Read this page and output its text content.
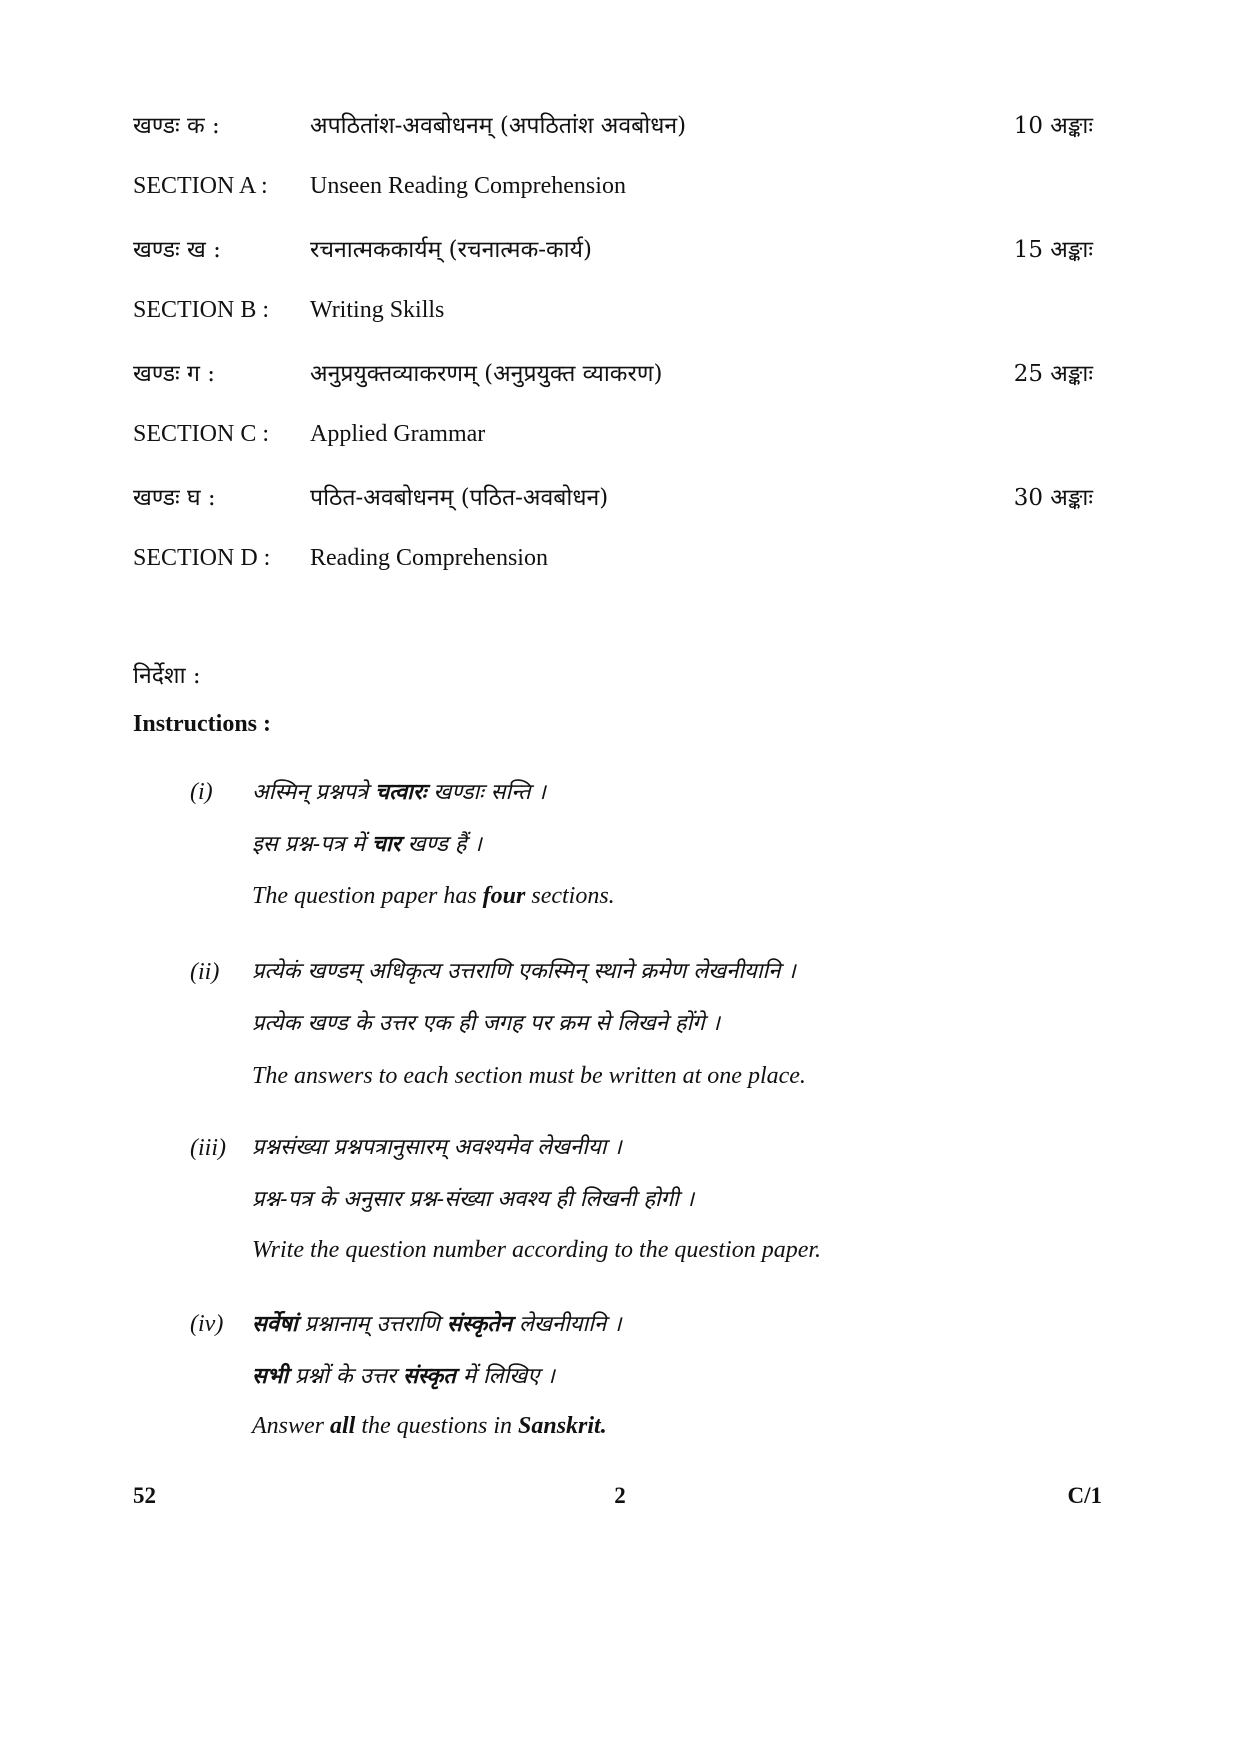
खण्डः क :	अपठितांश-अवबोधनम् (अपठितांश अवबोधन)	10 अङ्काः
SECTION A : Unseen Reading Comprehension
खण्डः ख :	रचनात्मककार्यम् (रचनात्मक-कार्य)	15 अङ्काः
SECTION B : Writing Skills
खण्डः ग :	अनुप्रयुक्तव्याकरणम् (अनुप्रयुक्त व्याकरण)	25 अङ्काः
SECTION C : Applied Grammar
खण्डः घ :	पठित-अवबोधनम् (पठित-अवबोधन)	30 अङ्काः
SECTION D : Reading Comprehension
निर्देशा :
Instructions :
(i) अस्मिन् प्रश्नपत्रे चत्वारः खण्डाः सन्ति ।
इस प्रश्न-पत्र में चार खण्ड हैं ।
The question paper has four sections.
(ii) प्रत्येकं खण्डम् अधिकृत्य उत्तराणि एकस्मिन् स्थाने क्रमेण लेखनीयानि ।
प्रत्येक खण्ड के उत्तर एक ही जगह पर क्रम से लिखने होंगे ।
The answers to each section must be written at one place.
(iii) प्रश्नसंख्या प्रश्नपत्रानुसारम् अवश्यमेव लेखनीया ।
प्रश्न-पत्र के अनुसार प्रश्न-संख्या अवश्य ही लिखनी होगी ।
Write the question number according to the question paper.
(iv) सर्वेषां प्रश्नानाम् उत्तराणि संस्कृतेन लेखनीयानि ।
सभी प्रश्नों के उत्तर संस्कृत में लिखिए ।
Answer all the questions in Sanskrit.
52	2	C/1
